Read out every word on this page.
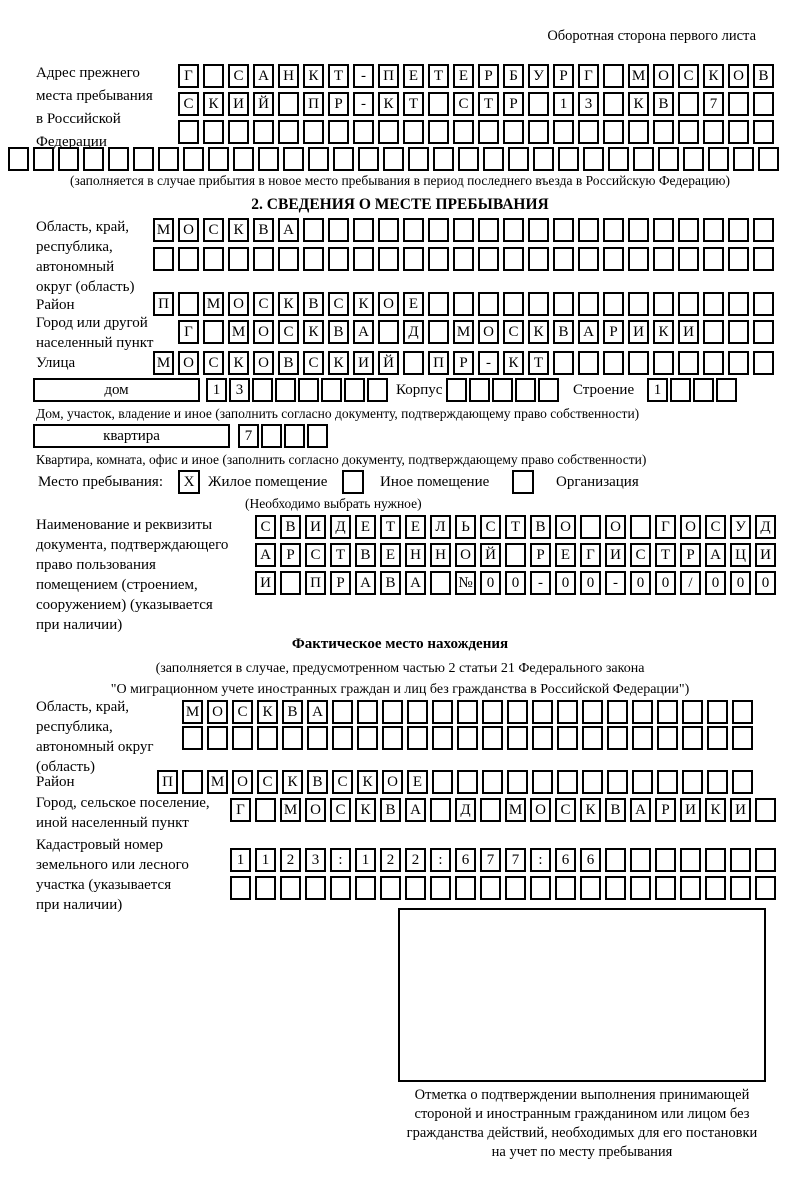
Оборотная сторона первого листа
Адрес прежнего
места пребывания
в Российской
Федерации
Г	С А Н К	Т	-	П Е	Т	Е	Р	Б	У	Р	Г	М О С К О В
С К И Й	П	Р	-	К	Т	С	Т	Р	1	3	К В	7
(заполняется в случае прибытия в новое место пребывания в период последнего въезда в Российскую Федерацию)
2. СВЕДЕНИЯ О МЕСТЕ ПРЕБЫВАНИЯ
Область, край,
республика,
автономный
округ (область)
М О С К В А
Район	П	М О С К В С К О Е
Город или другой
населенный пункт
Г	М О С К В А	Д	М О С К В А	Р	И К И
Улица	М О С К О В С К И Й	П	Р	-	К	Т
дом	1	3	Корпус	Строение	1
Дом, участок, владение и иное (заполнить согласно документу, подтверждающему право собственности)
квартира	7
Квартира, комната, офис и иное (заполнить согласно документу, подтверждающему право собственности)
Место пребывания:	X Жилое помещение	Иное помещение	Организация
(Необходимо выбрать нужное)
Наименование и реквизиты
документа, подтверждающего
право пользования
помещением (строением,
сооружением) (указывается
при наличии)
С В И Д	Е	Т	Е	Л	Ь	С	Т	В О	О	Г	О С У Д
А	Р	С	Т	В	Е	Н Н О Й	Р	Е	Г	И С	Т	Р	А Ц И
И	П	Р	А В А	№ 0	0	-	0	0	-	0	0	/	0	0	0
Фактическое место нахождения
(заполняется в случае, предусмотренном частью 2 статьи 21 Федерального закона
"О миграционном учете иностранных граждан и лиц без гражданства в Российской Федерации")
Область, край,
республика,
автономный округ
(область)
М О С К В А
Район	П	М О С К В С К О Е
Город, сельское поселение,
иной населенный пункт
Г	М О С К В А	Д	М О С К В А	Р	И К И
Кадастровый номер
земельного или лесного
участка (указывается
при наличии)
1	1	2	3	:	1	2	2	:	6	7	7	:	6	6
Отметка о подтверждении выполнения принимающей
стороной и иностранным гражданином или лицом без
гражданства действий, необходимых для его постановки
на учет по месту пребывания
